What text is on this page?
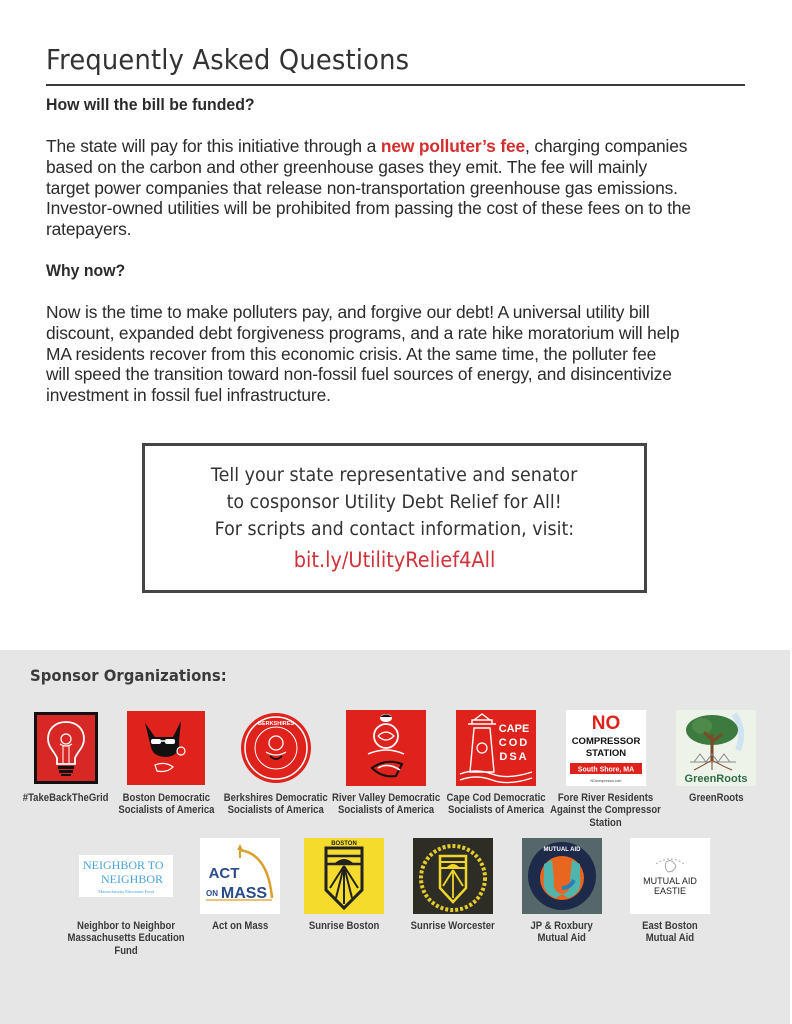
Frequently Asked Questions
How will the bill be funded?
The state will pay for this initiative through a new polluter’s fee, charging companies
based on the carbon and other greenhouse gases they emit. The fee will mainly
target power companies that release non-transportation greenhouse gas emissions.
Investor-owned utilities will be prohibited from passing the cost of these fees on to the
ratepayers.
Why now?
Now is the time to make polluters pay, and forgive our debt! A universal utility bill
discount, expanded debt forgiveness programs, and a rate hike moratorium will help
MA residents recover from this economic crisis. At the same time, the polluter fee
will speed the transition toward non-fossil fuel sources of energy, and disincentivize
investment in fossil fuel infrastructure.
Tell your state representative and senator
to cosponsor Utility Debt Relief for All!
For scripts and contact information, visit:
bit.ly/UtilityRelief4All
Sponsor Organizations:
#TakeBackTheGrid	Boston Democratic
Socialists of America
BERKSHIRES
Berkshires Democratic
Socialists of America
River Valley Democratic
Socialists of America
CAPE
COD
DSA
Cape Cod Democratic
Socialists of America
NO
COMPRESSOR
STATION
South Shore, MA
NOcompressor.com
Fore River Residents
Against the Compressor
Station
GreenRoots
GreenRoots
NEIGHBOR TO
NEIGHBOR
Massachusetts Education Fund
Neighbor to Neighbor
Massachusetts Education
Fund
ACT
ON MASS
Act on Mass
BOSTON
Sunrise Boston	Sunrise Worcester
MUTUAL AID
JP & Roxbury
Mutual Aid
MUTUAL AID
EASTIE
East Boston
Mutual Aid
